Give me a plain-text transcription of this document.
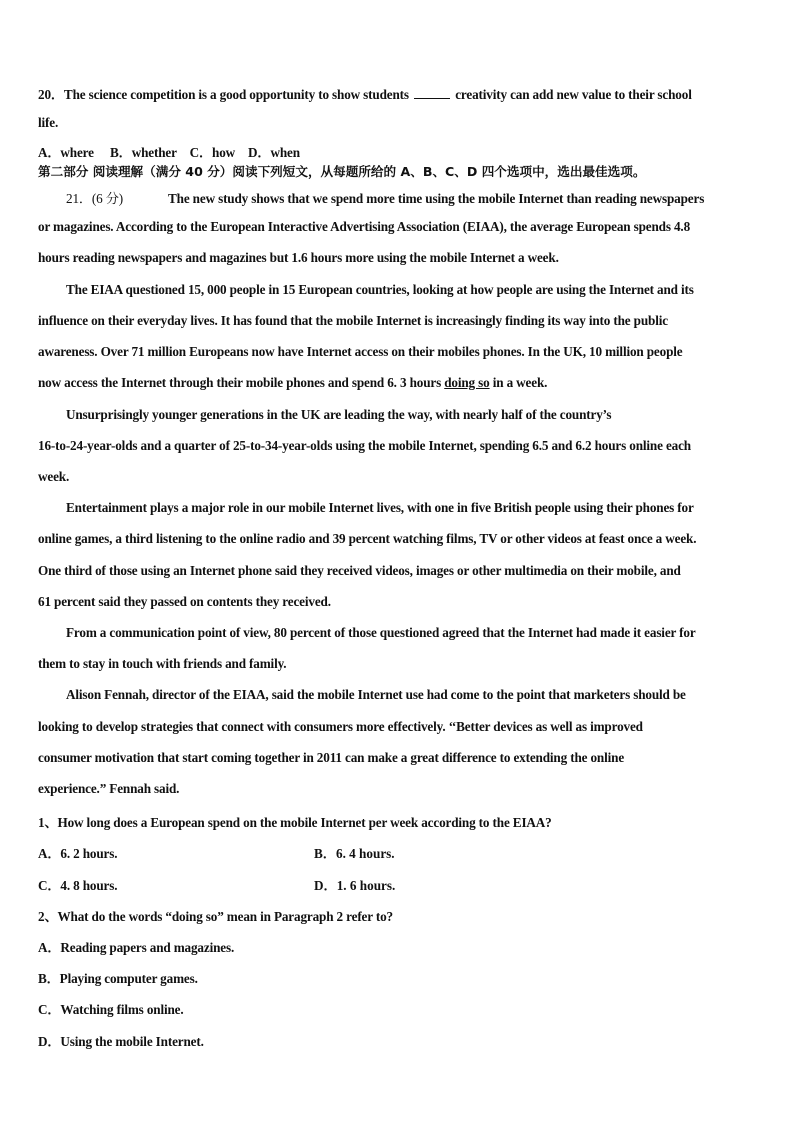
20．The science competition is a good opportunity to show students	creativity can add new value to their school
life.
A．where　 B．whether　C．how　D．when
第二部分 阅读理解（满分 40 分）阅读下列短文，从每题所给的 A、B、C、D 四个选项中，选出最佳选项。
21．(6 分)	The new study shows that we spend more time using the mobile Internet than reading newspapers
or magazines. According to the European Interactive Advertising Association (EIAA), the average European spends 4.8
hours reading newspapers and magazines but 1.6 hours more using the mobile Internet a week.
The EIAA questioned 15, 000 people in 15 European countries, looking at how people are using the Internet and its
influence on their everyday lives. It has found that the mobile Internet is increasingly finding its way into the public
awareness. Over 71 million Europeans now have Internet access on their mobiles phones. In the UK, 10 million people
now access the Internet through their mobile phones and spend 6. 3 hours doing so in a week.
Unsurprisingly younger generations in the UK are leading the way, with nearly half of the country’s
16-to-24-year-olds and a quarter of 25-to-34-year-olds using the mobile Internet, spending 6.5 and 6.2 hours online each
week.
Entertainment plays a major role in our mobile Internet lives, with one in five British people using their phones for
online games, a third listening to the online radio and 39 percent watching films, TV or other videos at feast once a week.
One third of those using an Internet phone said they received videos, images or other multimedia on their mobile, and
61 percent said they passed on contents they received.
From a communication point of view, 80 percent of those questioned agreed that the Internet had made it easier for
them to stay in touch with friends and family.
Alison Fennah, director of the EIAA, said the mobile Internet use had come to the point that marketers should be
looking to develop strategies that connect with consumers more effectively. ‘‘Better devices as well as improved
consumer motivation that start coming together in 2011 can make a great difference to extending the online
experience.” Fennah said.
1、How long does a European spend on the mobile Internet per week according to the EIAA?
A．6. 2 hours.	B．6. 4 hours.
C．4. 8 hours.	D．1. 6 hours.
2、What do the words “doing so” mean in Paragraph 2 refer to?
A．Reading papers and magazines.
B．Playing computer games.
C．Watching films online.
D．Using the mobile Internet.
